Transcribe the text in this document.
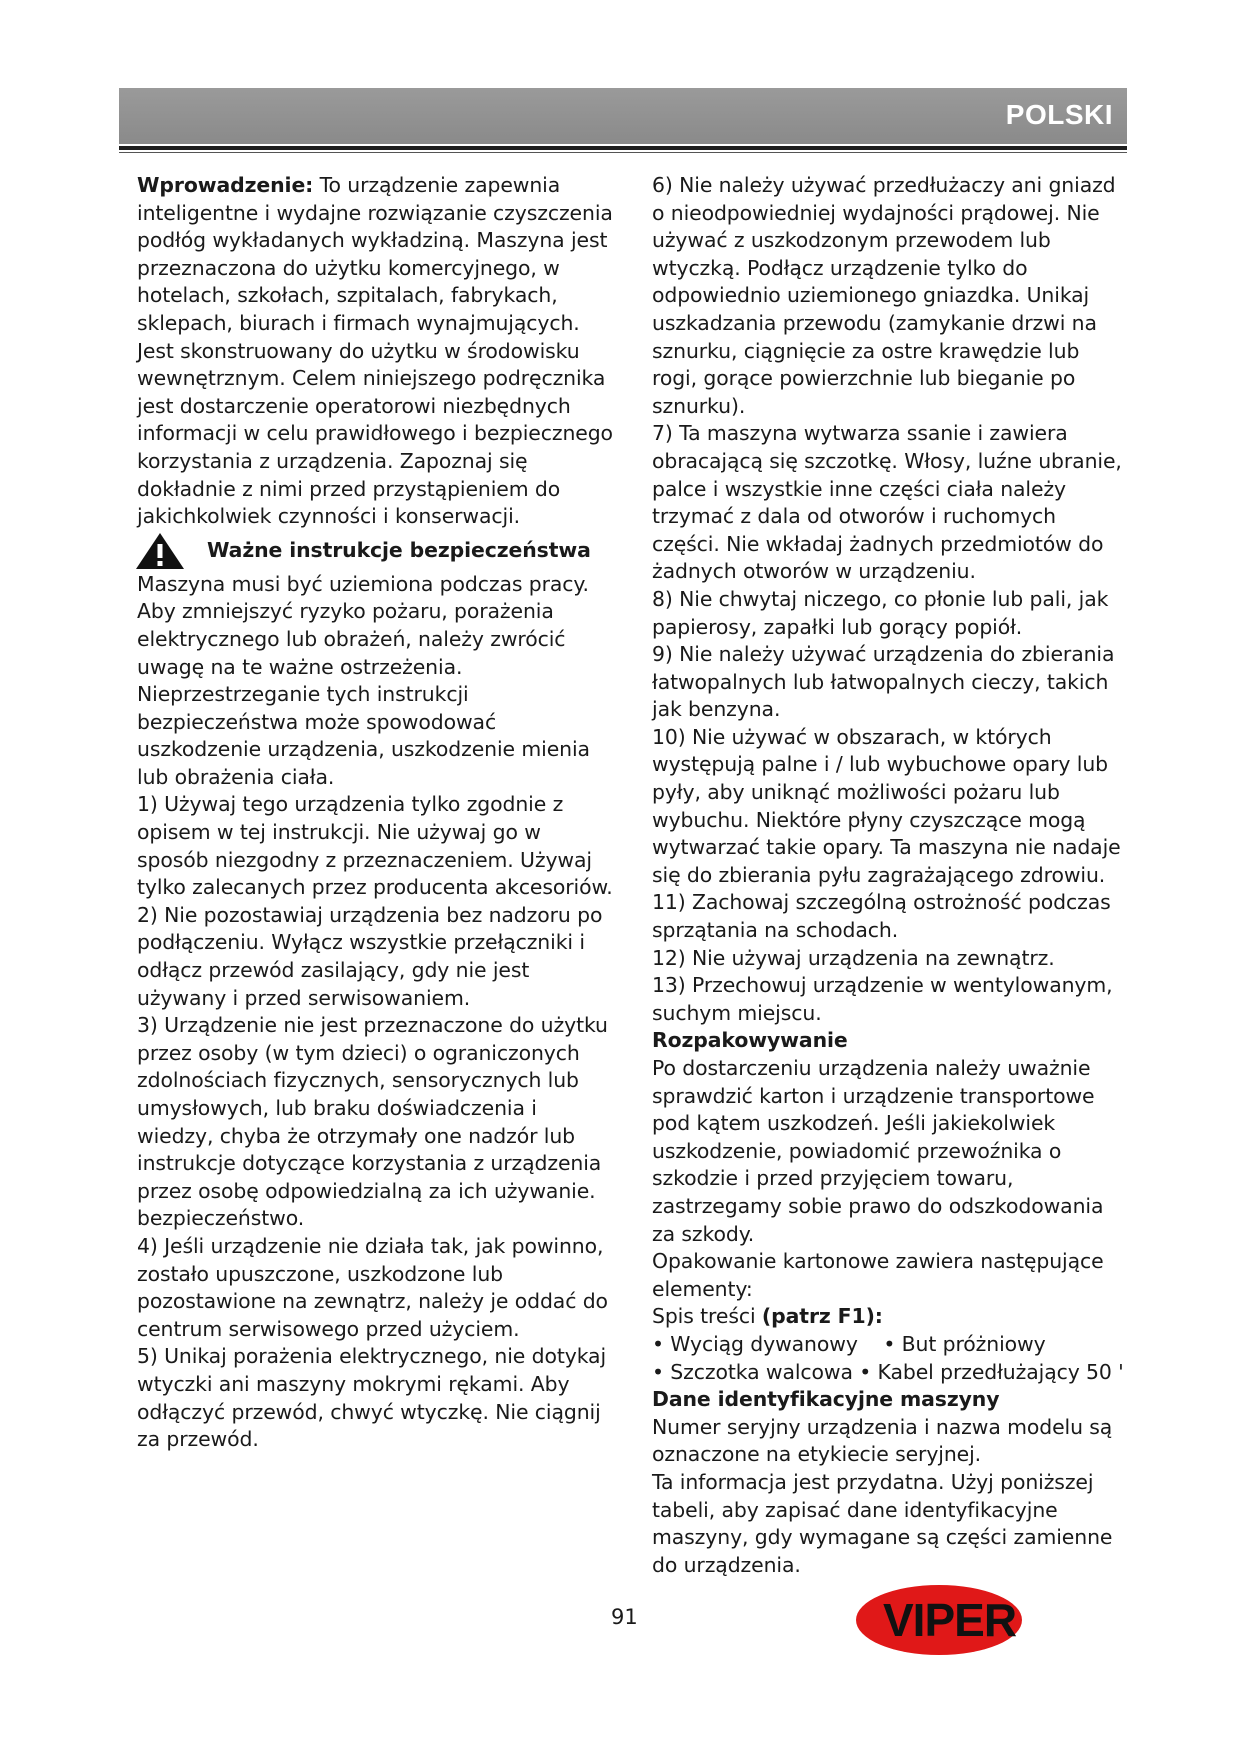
POLSKI

Wprowadzenie: To urządzenie zapewnia inteligentne i wydajne rozwiązanie czyszczenia podłóg wykładanych wykładziną. Maszyna jest przeznaczona do użytku komercyjnego, w hotelach, szkołach, szpitalach, fabrykach, sklepach, biurach i firmach wynajmujących. Jest skonstruowany do użytku w środowisku wewnętrznym. Celem niniejszego podręcznika jest dostarczenie operatorowi niezbędnych informacji w celu prawidłowego i bezpiecznego korzystania z urządzenia. Zapoznaj się dokładnie z nimi przed przystąpieniem do jakichkolwiek czynności i konserwacji.

Ważne instrukcje bezpieczeństwa

Maszyna musi być uziemiona podczas pracy. Aby zmniejszyć ryzyko pożaru, porażenia elektrycznego lub obrażeń, należy zwrócić uwagę na te ważne ostrzeżenia. Nieprzestrzeganie tych instrukcji bezpieczeństwa może spowodować uszkodzenie urządzenia, uszkodzenie mienia lub obrażenia ciała.

1) Używaj tego urządzenia tylko zgodnie z opisem w tej instrukcji. Nie używaj go w sposób niezgodny z przeznaczeniem. Używaj tylko zalecanych przez producenta akcesoriów.

2) Nie pozostawiaj urządzenia bez nadzoru po podłączeniu. Wyłącz wszystkie przełączniki i odłącz przewód zasilający, gdy nie jest używany i przed serwisowaniem.

3) Urządzenie nie jest przeznaczone do użytku przez osoby (w tym dzieci) o ograniczonych zdolnościach fizycznych, sensorycznych lub umysłowych, lub braku doświadczenia i wiedzy, chyba że otrzymały one nadzór lub instrukcje dotyczące korzystania z urządzenia przez osobę odpowiedzialną za ich używanie. bezpieczeństwo.

4) Jeśli urządzenie nie działa tak, jak powinno, zostało upuszczone, uszkodzone lub pozostawione na zewnątrz, należy je oddać do centrum serwisowego przed użyciem.

5) Unikaj porażenia elektrycznego, nie dotykaj wtyczki ani maszyny mokrymi rękami. Aby odłączyć przewód, chwyć wtyczkę. Nie ciągnij za przewód.

6) Nie należy używać przedłużaczy ani gniazd o nieodpowiedniej wydajności prądowej. Nie używać z uszkodzonym przewodem lub wtyczką. Podłącz urządzenie tylko do odpowiednio uziemionego gniazdka. Unikaj uszkadzania przewodu (zamykanie drzwi na sznurku, ciągnięcie za ostre krawędzie lub rogi, gorące powierzchnie lub bieganie po sznurku).

7) Ta maszyna wytwarza ssanie i zawiera obracającą się szczotkę. Włosy, luźne ubranie, palce i wszystkie inne części ciała należy trzymać z dala od otworów i ruchomych części. Nie wkładaj żadnych przedmiotów do żadnych otworów w urządzeniu.

8) Nie chwytaj niczego, co płonie lub pali, jak papierosy, zapałki lub gorący popiół.

9) Nie należy używać urządzenia do zbierania łatwopalnych lub łatwopalnych cieczy, takich jak benzyna.

10) Nie używać w obszarach, w których występują palne i / lub wybuchowe opary lub pyły, aby uniknąć możliwości pożaru lub wybuchu. Niektóre płyny czyszczące mogą wytwarzać takie opary. Ta maszyna nie nadaje się do zbierania pyłu zagrażającego zdrowiu.

11) Zachowaj szczególną ostrożność podczas sprzątania na schodach.

12) Nie używaj urządzenia na zewnątrz.

13) Przechowuj urządzenie w wentylowanym, suchym miejscu.

Rozpakowywanie

Po dostarczeniu urządzenia należy uważnie sprawdzić karton i urządzenie transportowe pod kątem uszkodzeń. Jeśli jakiekolwiek uszkodzenie, powiadomić przewoźnika o szkodzie i przed przyjęciem towaru, zastrzegamy sobie prawo do odszkodowania za szkody.

Opakowanie kartonowe zawiera następujące elementy:

Spis treści (patrz F1):

• Wyciąg dywanowy    • But próżniowy

• Szczotka walcowa • Kabel przedłużający 50 '

Dane identyfikacyjne maszyny

Numer seryjny urządzenia i nazwa modelu są oznaczone na etykiecie seryjnej.

Ta informacja jest przydatna. Użyj poniższej tabeli, aby zapisać dane identyfikacyjne maszyny, gdy wymagane są części zamienne do urządzenia.

91	VIPER
